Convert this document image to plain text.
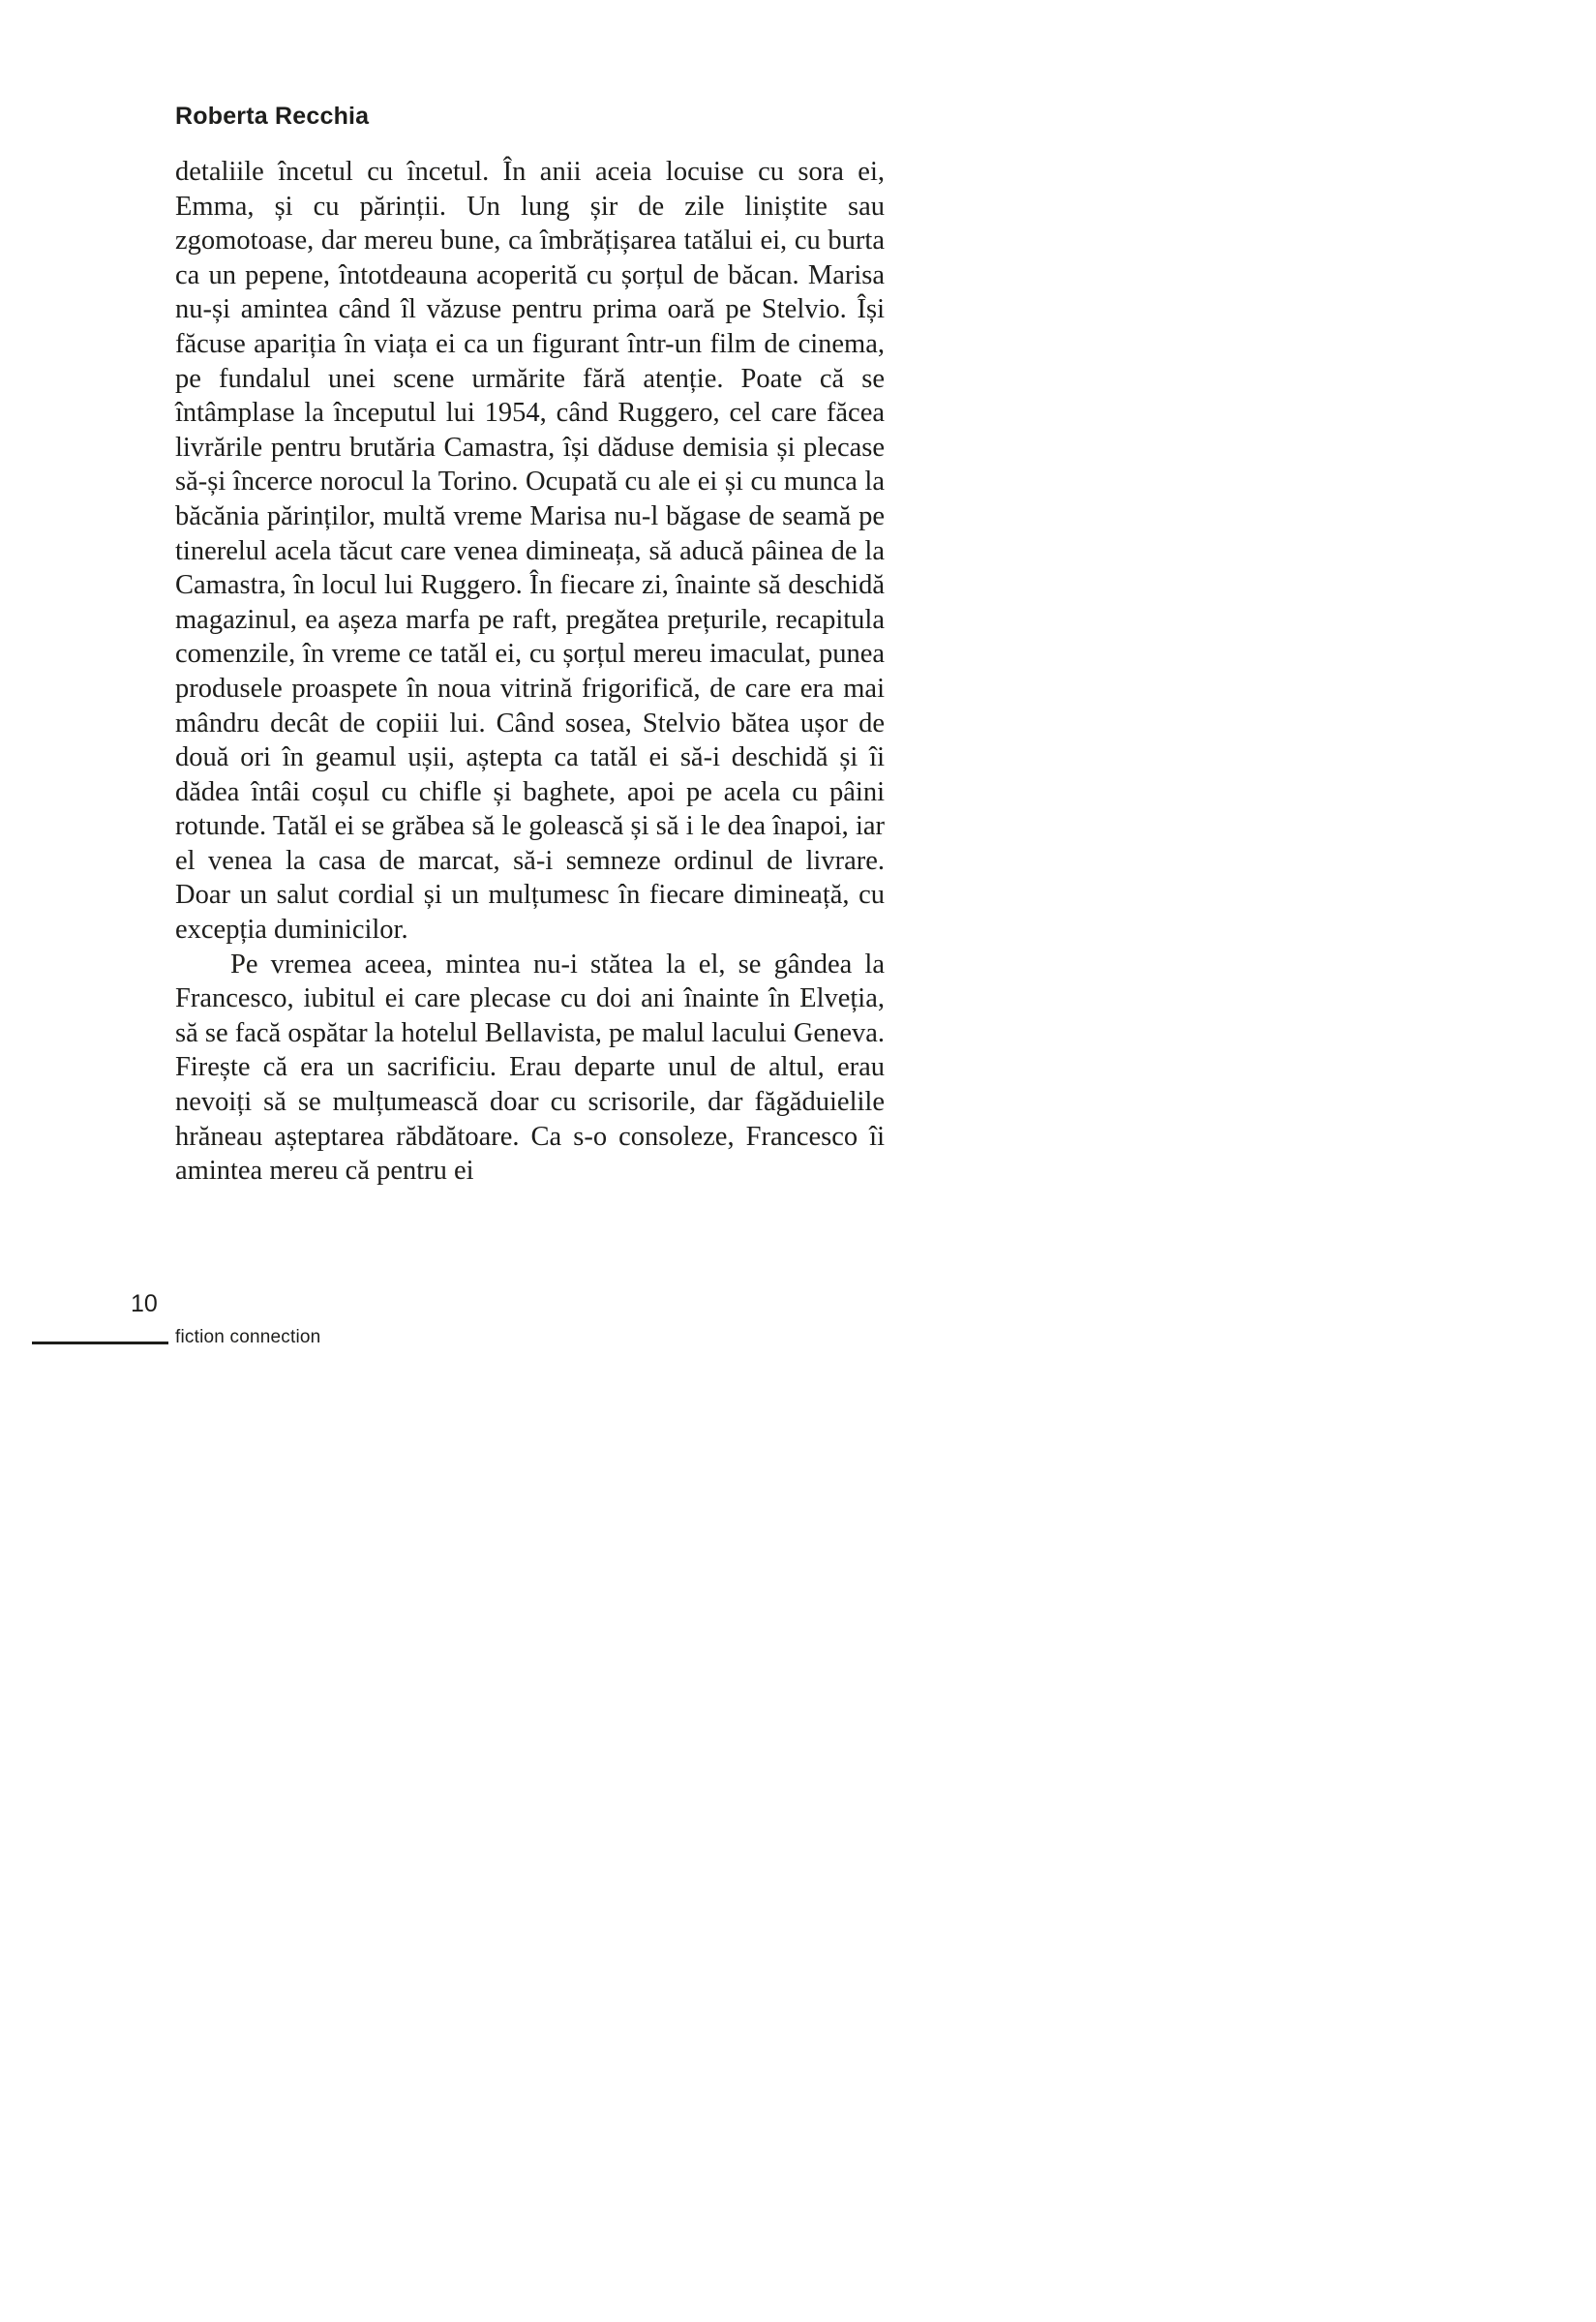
Roberta Recchia

detaliile încetul cu încetul. În anii aceia locuise cu sora ei, Emma, și cu părinții. Un lung șir de zile liniștite sau zgomotoase, dar mereu bune, ca îmbrățișarea tatălui ei, cu burta ca un pepene, întotdeauna acoperită cu șorțul de băcan. Marisa nu-și amintea când îl văzuse pentru prima oară pe Stelvio. Își făcuse apariția în viața ei ca un figurant într-un film de cinema, pe fundalul unei scene urmărite fără atenție. Poate că se întâmplase la începutul lui 1954, când Ruggero, cel care făcea livrările pentru brutăria Camastra, își dăduse demisia și plecase să-și încerce norocul la Torino. Ocupată cu ale ei și cu munca la băcănia părinților, multă vreme Marisa nu-l băgase de seamă pe tinerelul acela tăcut care venea dimineața, să aducă pâinea de la Camastra, în locul lui Ruggero. În fiecare zi, înainte să deschidă magazinul, ea așeza marfa pe raft, pregătea prețurile, recapitula comenzile, în vreme ce tatăl ei, cu șorțul mereu imaculat, punea produsele proaspete în noua vitrină frigorifică, de care era mai mândru decât de copiii lui. Când sosea, Stelvio bătea ușor de două ori în geamul ușii, aștepta ca tatăl ei să-i deschidă și îi dădea întâi coșul cu chifle și baghete, apoi pe acela cu pâini rotunde. Tatăl ei se grăbea să le golească și să i le dea înapoi, iar el venea la casa de marcat, să-i semneze ordinul de livrare. Doar un salut cordial și un mulțumesc în fiecare dimineață, cu excepția duminicilor.

Pe vremea aceea, mintea nu-i stătea la el, se gândea la Francesco, iubitul ei care plecase cu doi ani înainte în Elveția, să se facă ospătar la hotelul Bellavista, pe malul lacului Geneva. Firește că era un sacrificiu. Erau departe unul de altul, erau nevoiți să se mulțumească doar cu scrisorile, dar făgăduielile hrăneau așteptarea răbdătoare. Ca s-o consoleze, Francesco îi amintea mereu că pentru ei

10
fiction connection
